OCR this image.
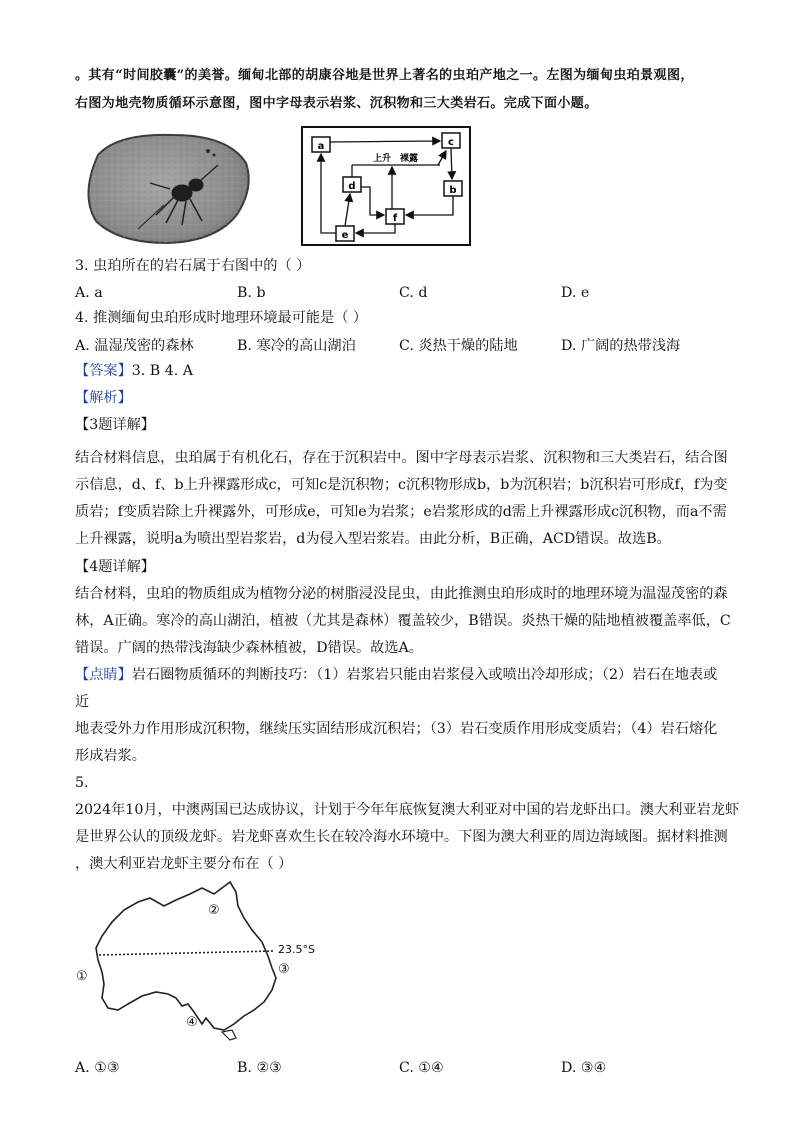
。其有“时间胶囊”的美誉。缅甸北部的胡康谷地是世界上著名的虫珀产地之一。左图为缅甸虫珀景观图，
右图为地壳物质循环示意图，图中字母表示岩浆、沉积物和三大类岩石。完成下面小题。
a	c
d	b
f
e
上升 裸露
3. 虫珀所在的岩石属于右图中的（ ）
A. a	B. b	C. d	D. e
4. 推测缅甸虫珀形成时地理环境最可能是（ ）
A. 温湿茂密的森林	B. 寒冷的高山湖泊	C. 炎热干燥的陆地	D. 广阔的热带浅海
【答案】3. B 4. A
【解析】
【3题详解】
结合材料信息，虫珀属于有机化石，存在于沉积岩中。图中字母表示岩浆、沉积物和三大类岩石，结合图
示信息，d、f、b上升裸露形成c，可知c是沉积物；c沉积物形成b，b为沉积岩；b沉积岩可形成f，f为变
质岩；f变质岩除上升裸露外，可形成e，可知e为岩浆；e岩浆形成的d需上升裸露形成c沉积物，而a不需
上升裸露，说明a为喷出型岩浆岩，d为侵入型岩浆岩。由此分析，B正确，ACD错误。故选B。
【4题详解】
结合材料，虫珀的物质组成为植物分泌的树脂浸没昆虫，由此推测虫珀形成时的地理环境为温湿茂密的森
林，A正确。寒冷的高山湖泊，植被（尤其是森林）覆盖较少，B错误。炎热干燥的陆地植被覆盖率低，C
错误。广阔的热带浅海缺少森林植被，D错误。故选A。
【点睛】岩石圈物质循环的判断技巧：（1）岩浆岩只能由岩浆侵入或喷出冷却形成；（2）岩石在地表或
近
地表受外力作用形成沉积物，继续压实固结形成沉积岩；（3）岩石变质作用形成变质岩；（4）岩石熔化
形成岩浆。
5.
2024年10月，中澳两国已达成协议，计划于今年年底恢复澳大利亚对中国的岩龙虾出口。澳大利亚岩龙虾
是世界公认的顶级龙虾。岩龙虾喜欢生长在较冷海水环境中。下图为澳大利亚的周边海域图。据材料推测
，澳大利亚岩龙虾主要分布在（ ）
23.5°S
①
②
③
④
A. ①③	B. ②③	C. ①④	D. ③④
